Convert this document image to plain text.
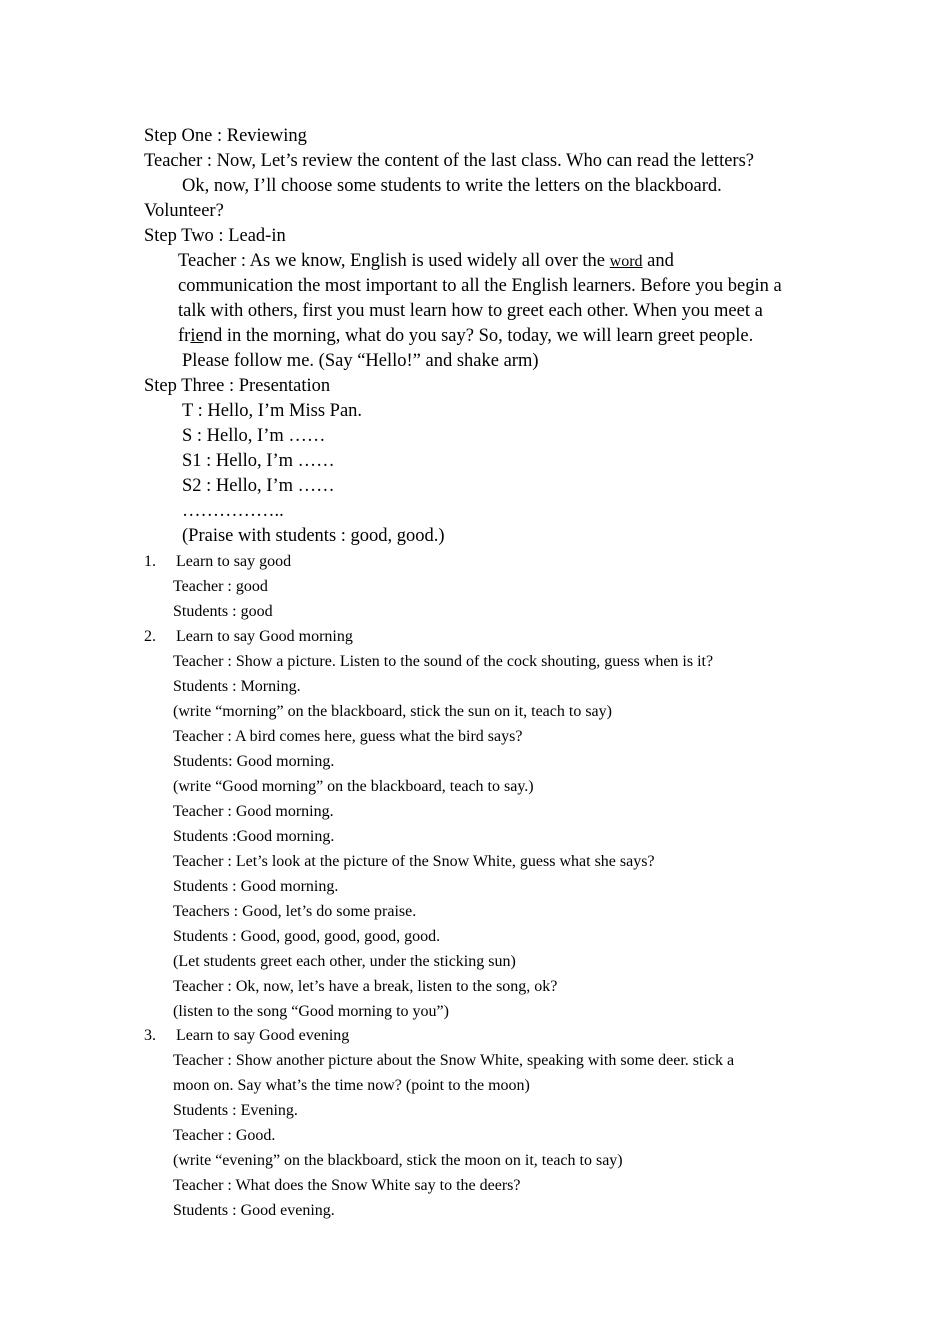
Step One : Reviewing
Teacher : Now, Let’s review the content of the last class. Who can read the letters?
Ok, now, I’ll choose some students to write the letters on the blackboard.
Volunteer?
Step Two : Lead-in
Teacher : As we know, English is used widely all over the word and
communication the most important to all the English learners. Before you begin a
talk with others, first you must learn how to greet each other. When you meet a
friend in the morning, what do you say? So, today, we will learn greet people.
Please follow me. (Say “Hello!” and shake arm)
Step Three : Presentation
T : Hello, I’m Miss Pan.
S : Hello, I’m ……
S1 : Hello, I’m ……
S2 : Hello, I’m ……
……………..
(Praise with students : good, good.)
1. Learn to say good
Teacher : good
Students : good
2. Learn to say Good morning
Teacher : Show a picture. Listen to the sound of the cock shouting, guess when is it?
Students : Morning.
(write “morning” on the blackboard, stick the sun on it, teach to say)
Teacher : A bird comes here, guess what the bird says?
Students: Good morning.
(write “Good morning” on the blackboard, teach to say.)
Teacher : Good morning.
Students :Good morning.
Teacher : Let’s look at the picture of the Snow White, guess what she says?
Students : Good morning.
Teachers : Good, let’s do some praise.
Students : Good, good, good, good, good.
(Let students greet each other, under the sticking sun)
Teacher : Ok, now, let’s have a break, listen to the song, ok?
(listen to the song “Good morning to you”)
3. Learn to say Good evening
Teacher : Show another picture about the Snow White, speaking with some deer. stick a
moon on. Say what’s the time now? (point to the moon)
Students : Evening.
Teacher : Good.
(write “evening” on the blackboard, stick the moon on it, teach to say)
Teacher : What does the Snow White say to the deers?
Students : Good evening.
